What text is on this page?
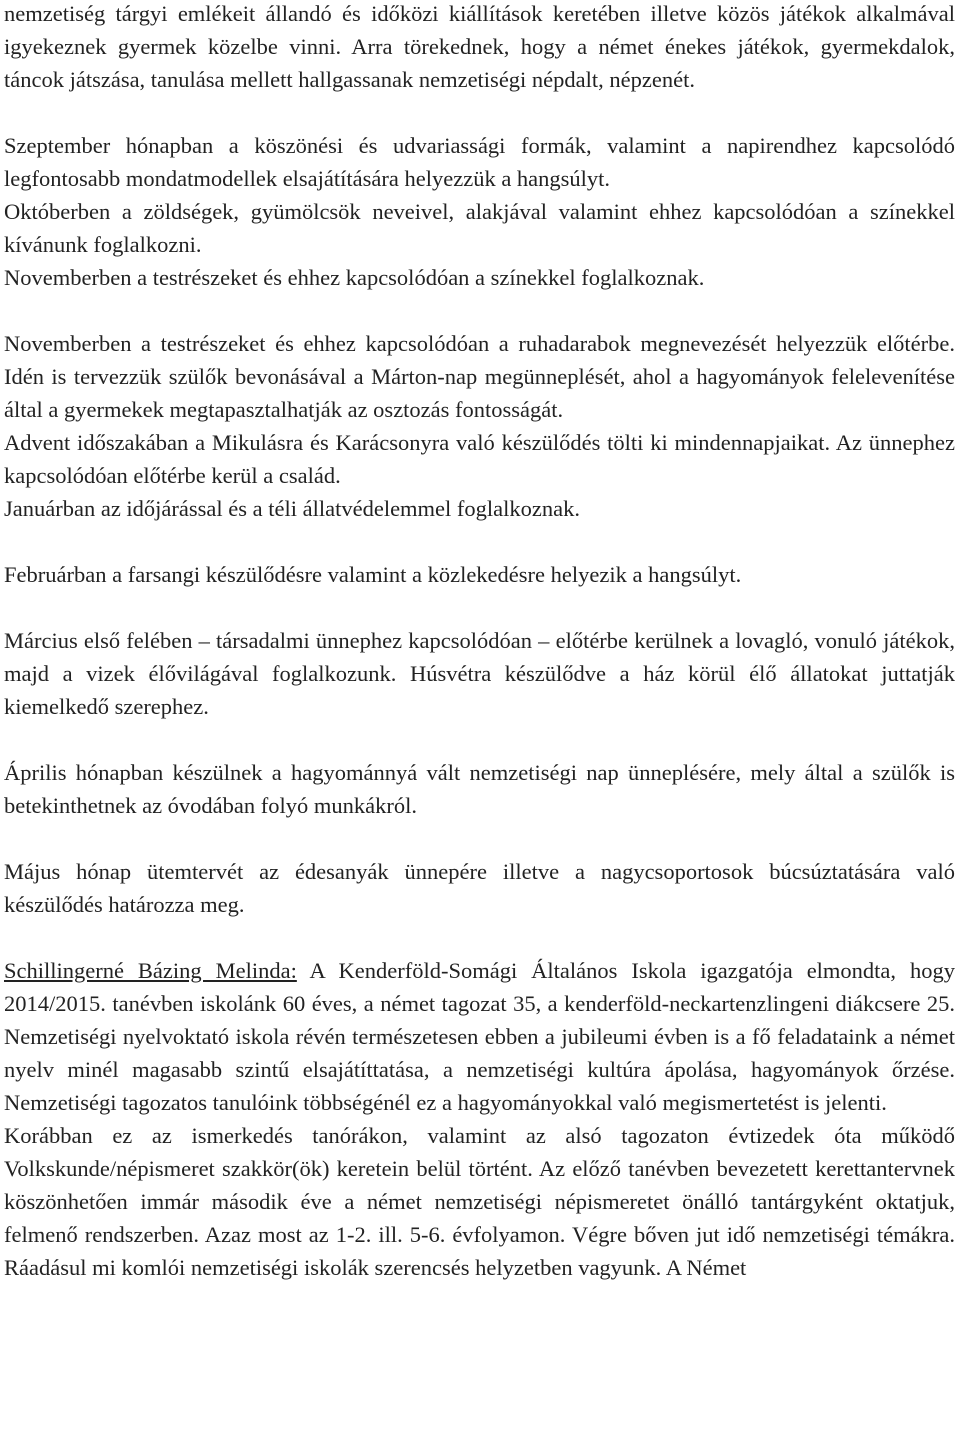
nemzetiség tárgyi emlékeit állandó és időközi kiállítások keretében illetve közös játékok alkalmával igyekeznek gyermek közelbe vinni. Arra törekednek, hogy a német énekes játékok, gyermekdalok, táncok játszása, tanulása mellett hallgassanak nemzetiségi népdalt, népzenét.

Szeptember hónapban a köszönési és udvariassági formák, valamint a napirendhez kapcsolódó legfontosabb mondatmodellek elsajátítására helyezzük a hangsúlyt.

Októberben a zöldségek, gyümölcsök neveivel, alakjával valamint ehhez kapcsolódóan a színekkel kívánunk foglalkozni.

Novemberben a testrészeket és ehhez kapcsolódóan a színekkel foglalkoznak.

Novemberben a testrészeket és ehhez kapcsolódóan a ruhadarabok megnevezését helyezzük előtérbe. Idén is tervezzük szülők bevonásával a Márton-nap megünneplését, ahol a hagyományok felelevenítése által a gyermekek megtapasztalhatják az osztozás fontosságát.

Advent időszakában a Mikulásra és Karácsonyra való készülődés tölti ki mindennapjaikat. Az ünnephez kapcsolódóan előtérbe kerül a család.

Januárban az időjárással és a téli állatvédelemmel foglalkoznak.

Februárban a farsangi készülődésre valamint a közlekedésre helyezik a hangsúlyt.

Március első felében – társadalmi ünnephez kapcsolódóan – előtérbe kerülnek a lovagló, vonuló játékok, majd a vizek élővilágával foglalkozunk. Húsvétra készülődve a ház körül élő állatokat juttatják kiemelkedő szerephez.

Április hónapban készülnek a hagyománnyá vált nemzetiségi nap ünneplésére, mely által a szülők is betekinthetnek az óvodában folyó munkákról.

Május hónap ütemtervét az édesanyák ünnepére illetve a nagycsoportosok búcsúztatására való készülődés határozza meg.

Schillingerné Bázing Melinda: A Kenderföld-Somági Általános Iskola igazgatója elmondta, hogy 2014/2015. tanévben iskolánk 60 éves, a német tagozat 35, a kenderföld-neckartenzlingeni diákcsere 25. Nemzetiségi nyelvoktató iskola révén természetesen ebben a jubileumi évben is a fő feladataink a német nyelv minél magasabb szintű elsajátíttatása, a nemzetiségi kultúra ápolása, hagyományok őrzése. Nemzetiségi tagozatos tanulóink többségénél ez a hagyományokkal való megismertetést is jelenti.

Korábban ez az ismerkedés tanórákon, valamint az alsó tagozaton évtizedek óta működő Volkskunde/népismeret szakkör(ök) keretein belül történt. Az előző tanévben bevezetett kerettantervnek köszönhetően immár második éve a német nemzetiségi népismeretet önálló tantárgyként oktatjuk, felmenő rendszerben. Azaz most az 1-2. ill. 5-6. évfolyamon. Végre bőven jut idő nemzetiségi témákra. Ráadásul mi komlói nemzetiségi iskolák szerencsés helyzetben vagyunk. A Német
